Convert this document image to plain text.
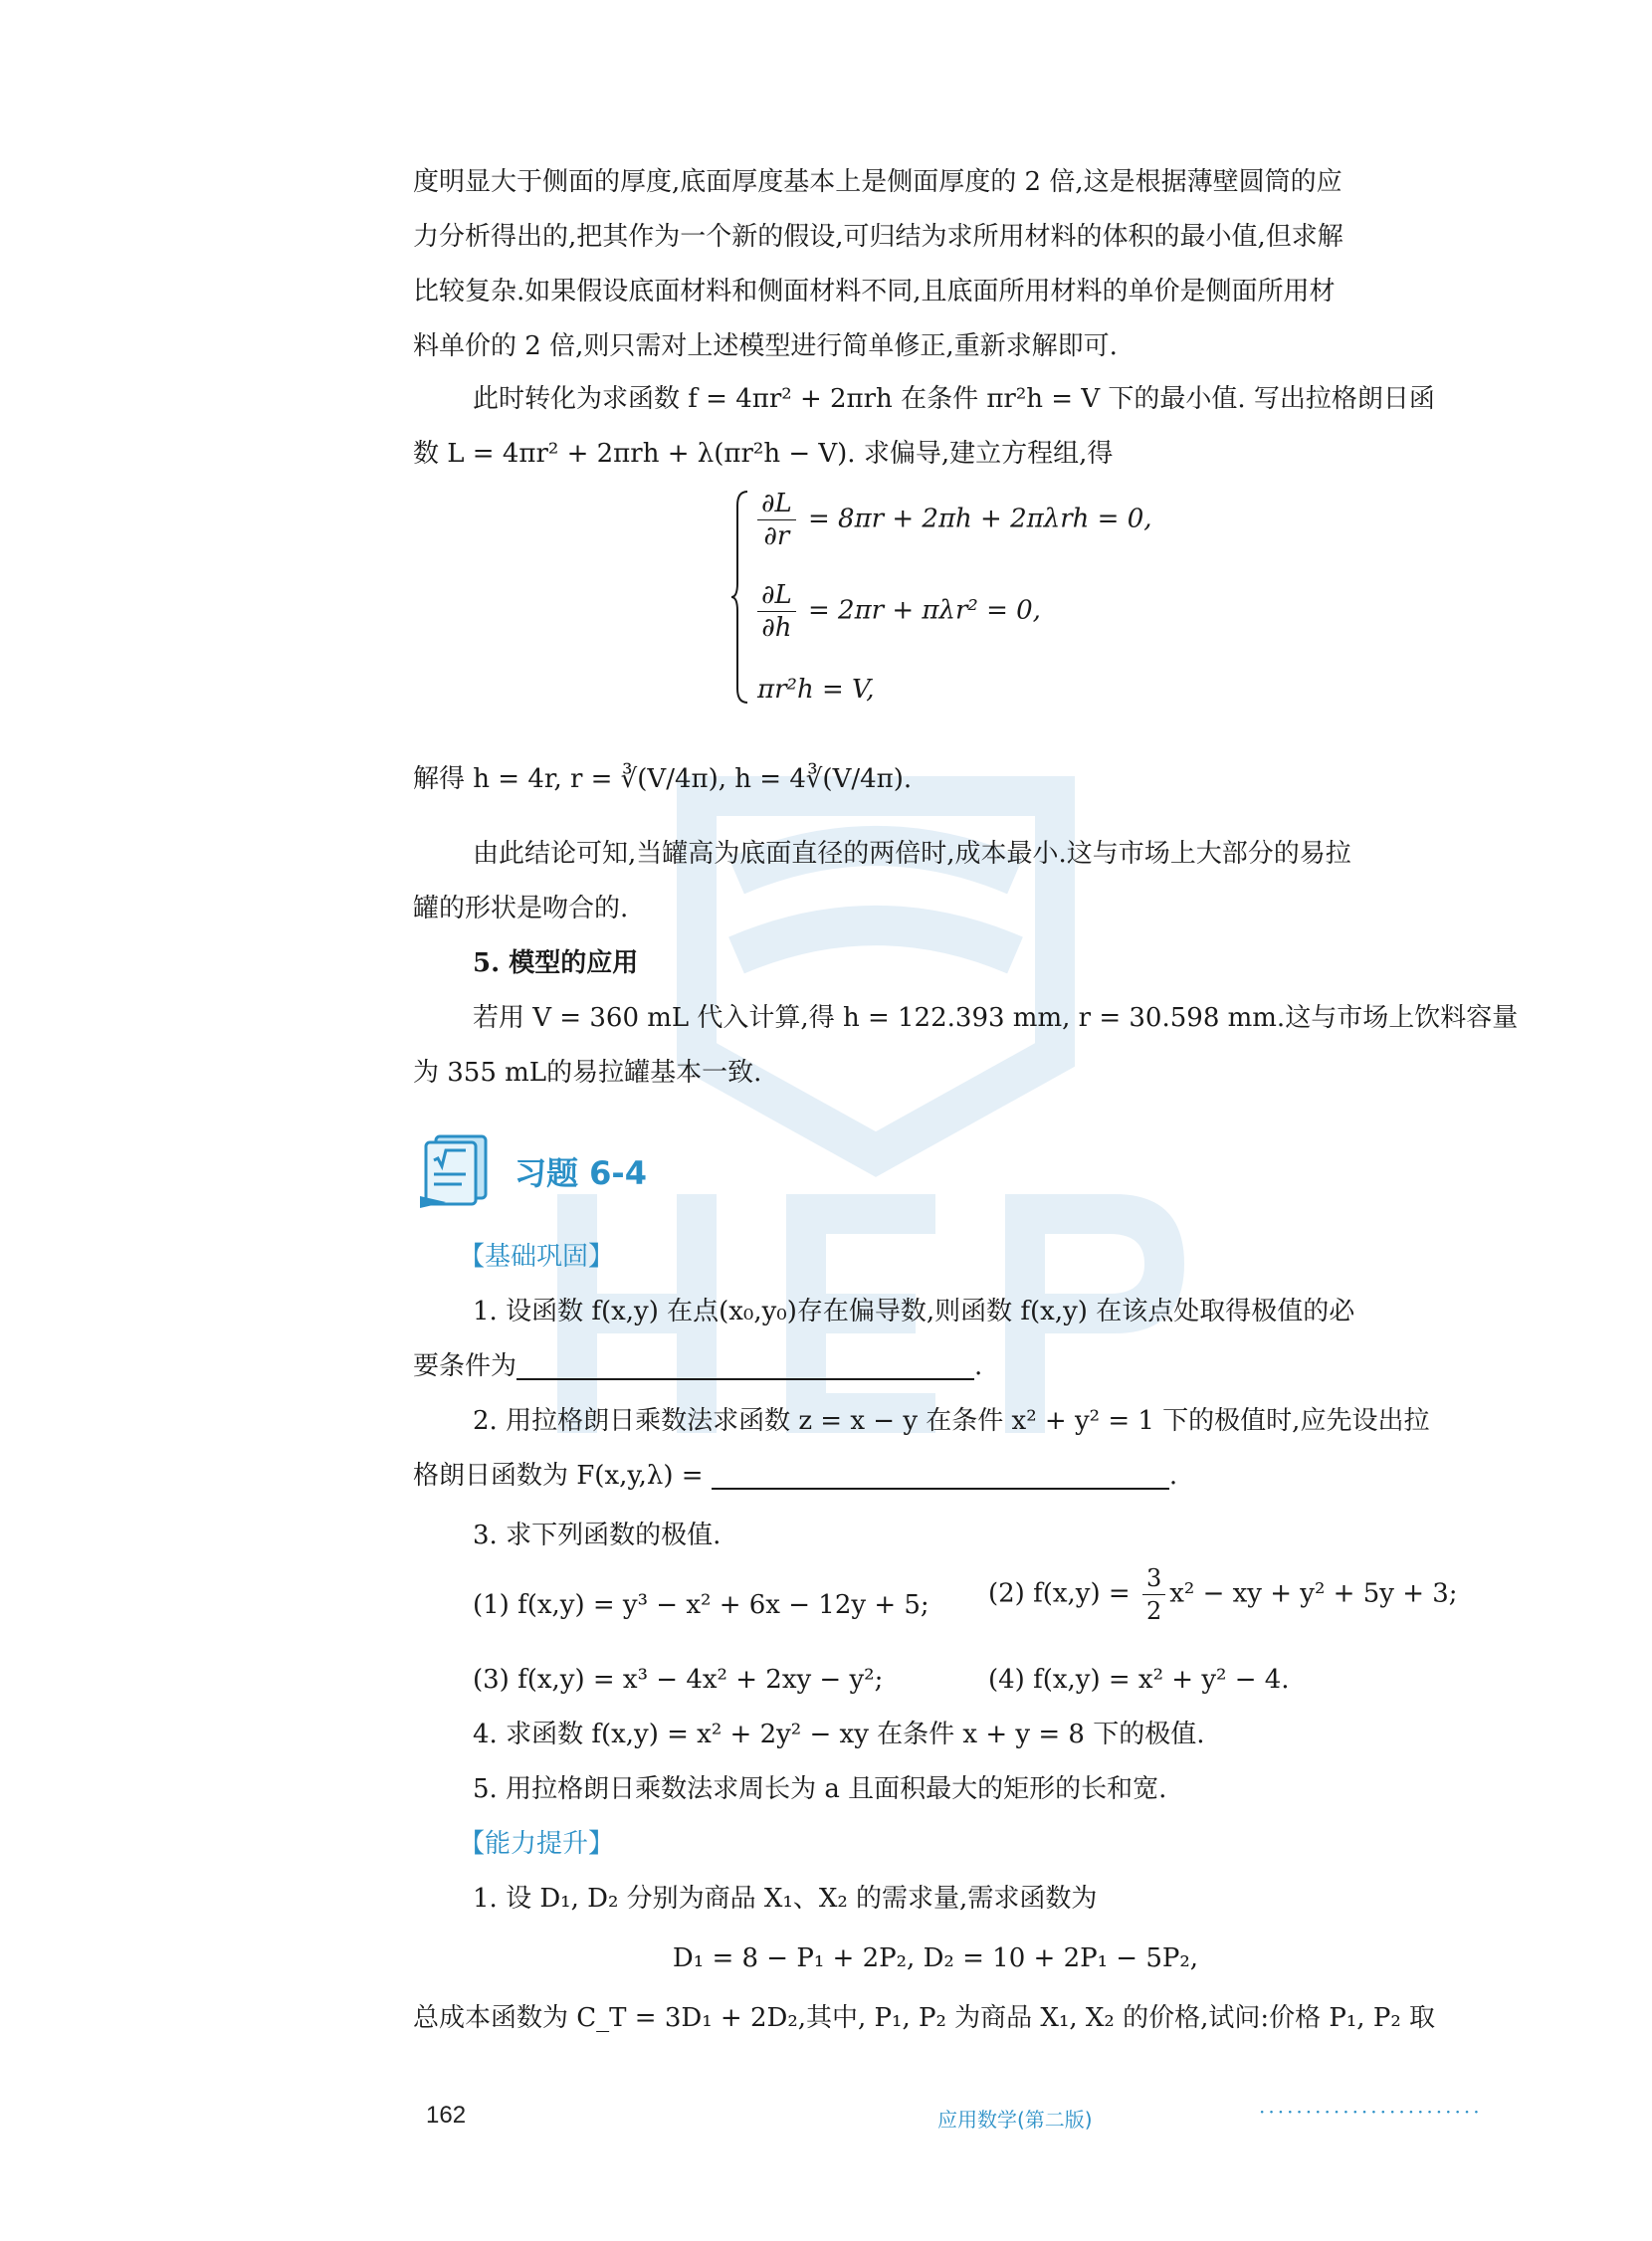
度明显大于侧面的厚度,底面厚度基本上是侧面厚度的 2 倍,这是根据薄壁圆筒的应
力分析得出的,把其作为一个新的假设,可归结为求所用材料的体积的最小值,但求解
比较复杂.如果假设底面材料和侧面材料不同,且底面所用材料的单价是侧面所用材
料单价的 2 倍,则只需对上述模型进行简单修正,重新求解即可.
此时转化为求函数 f = 4πr² + 2πrh 在条件 πr²h = V 下的最小值. 写出拉格朗日函
数 L = 4πr² + 2πrh + λ(πr²h − V). 求偏导,建立方程组,得
$\frac{\partial L}{\partial r} = 8\pi r + 2\pi h + 2\pi\lambda rh = 0$,
$\frac{\partial L}{\partial h} = 2\pi r + \pi\lambda r^2 = 0$,
πr²h = V,
解得 h = 4r, r = ∛(V/4π), h = 4∛(V/4π).
由此结论可知,当罐高为底面直径的两倍时,成本最小.这与市场上大部分的易拉
罐的形状是吻合的.
5. 模型的应用
若用 V = 360 mL 代入计算,得 h = 122.393 mm, r = 30.598 mm.这与市场上饮料容量
为 355 mL的易拉罐基本一致.
习题 6-4
【基础巩固】
1. 设函数 f(x,y) 在点(x₀,y₀)存在偏导数,则函数 f(x,y) 在该点处取得极值的必
要条件为	.
2. 用拉格朗日乘数法求函数 z = x − y 在条件 x² + y² = 1 下的极值时,应先设出拉
格朗日函数为 F(x,y,λ) =	.
3. 求下列函数的极值.
(1) f(x,y) = y³ − x² + 6x − 12y + 5;	(2) $f(x,y) = \frac{3}{2} x^2$ − xy + y² + 5y + 3;
(3) f(x,y) = x³ − 4x² + 2xy − y²;	(4) f(x,y) = x² + y² − 4.
4. 求函数 f(x,y) = x² + 2y² − xy 在条件 x + y = 8 下的极值.
5. 用拉格朗日乘数法求周长为 a 且面积最大的矩形的长和宽.
【能力提升】
1. 设 D₁, D₂ 分别为商品 X₁、X₂ 的需求量,需求函数为
D₁ = 8 − P₁ + 2P₂, D₂ = 10 + 2P₁ − 5P₂,
总成本函数为 C_T = 3D₁ + 2D₂,其中, P₁, P₂ 为商品 X₁, X₂ 的价格,试问:价格 P₁, P₂ 取
162	应用数学(第二版)	························
